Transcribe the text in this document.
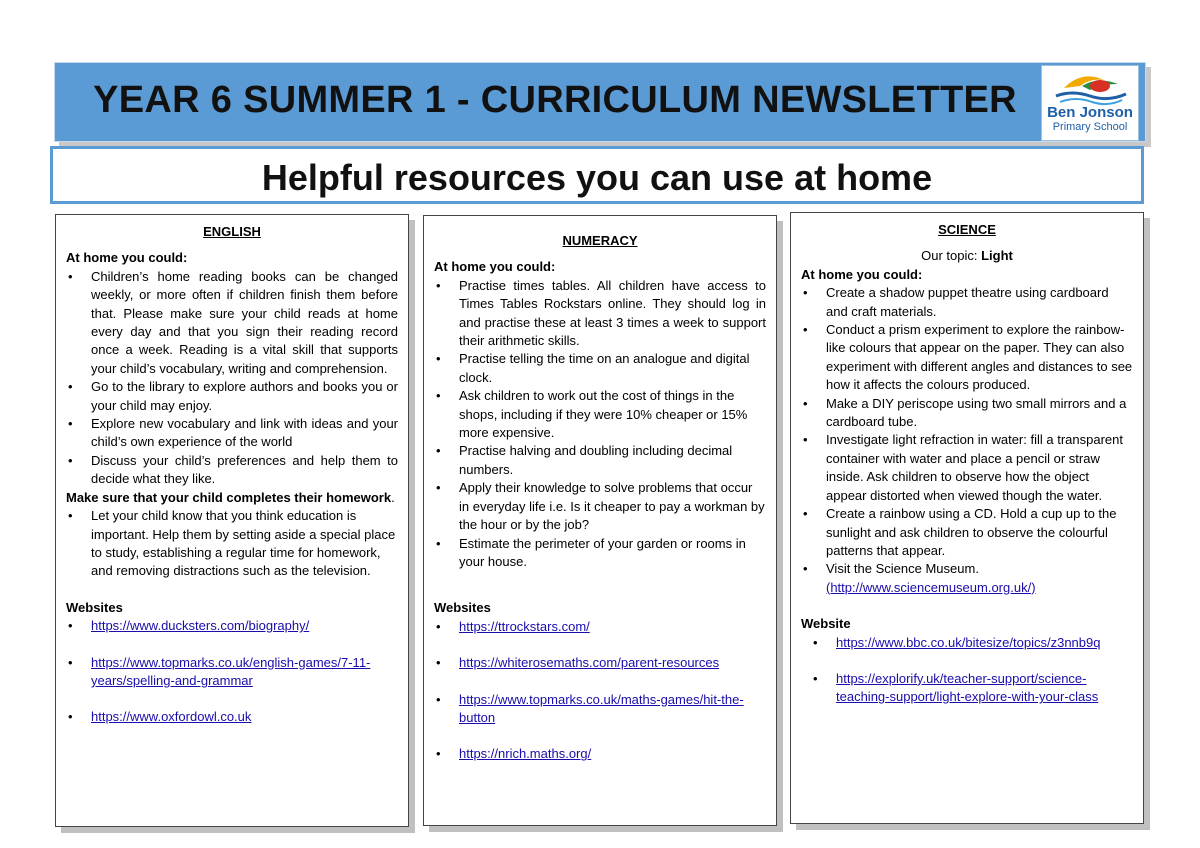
YEAR 6 SUMMER 1 - CURRICULUM NEWSLETTER	Ben Jonson
Primary School
Helpful resources you can use at home
ENGLISH
At home you could:
• Children’s home reading books can be changed weekly, or more often if children finish them before that. Please make sure your child reads at home every day and that you sign their reading record once a week. Reading is a vital skill that supports your child’s vocabulary, writing and comprehension.
• Go to the library to explore authors and books you or your child may enjoy.
• Explore new vocabulary and link with ideas and your child’s own experience of the world
• Discuss your child’s preferences and help them to decide what they like.
Make sure that your child completes their homework.
• Let your child know that you think education is important. Help them by setting aside a special place to study, establishing a regular time for homework, and removing distractions such as the television.
Websites
• https://www.ducksters.com/biography/
• https://www.topmarks.co.uk/english-games/7-11-years/spelling-and-grammar
• https://www.oxfordowl.co.uk
NUMERACY
At home you could:
• Practise times tables. All children have access to Times Tables Rockstars online. They should log in and practise these at least 3 times a week to support their arithmetic skills.
• Practise telling the time on an analogue and digital clock.
• Ask children to work out the cost of things in the shops, including if they were 10% cheaper or 15% more expensive.
• Practise halving and doubling including decimal numbers.
• Apply their knowledge to solve problems that occur in everyday life i.e. Is it cheaper to pay a workman by the hour or by the job?
• Estimate the perimeter of your garden or rooms in your house.
Websites
• https://ttrockstars.com/
• https://whiterosemaths.com/parent-resources
• https://www.topmarks.co.uk/maths-games/hit-the-button
• https://nrich.maths.org/
SCIENCE
Our topic: Light
At home you could:
• Create a shadow puppet theatre using cardboard and craft materials.
• Conduct a prism experiment to explore the rainbow-like colours that appear on the paper. They can also experiment with different angles and distances to see how it affects the colours produced.
• Make a DIY periscope using two small mirrors and a cardboard tube.
• Investigate light refraction in water: fill a transparent container with water and place a pencil or straw inside. Ask children to observe how the object appear distorted when viewed though the water.
• Create a rainbow using a CD. Hold a cup up to the sunlight and ask children to observe the colourful patterns that appear.
• Visit the Science Museum.
(http://www.sciencemuseum.org.uk/)
Website
• https://www.bbc.co.uk/bitesize/topics/z3nnb9q
• https://explorify.uk/teacher-support/science-teaching-support/light-explore-with-your-class
